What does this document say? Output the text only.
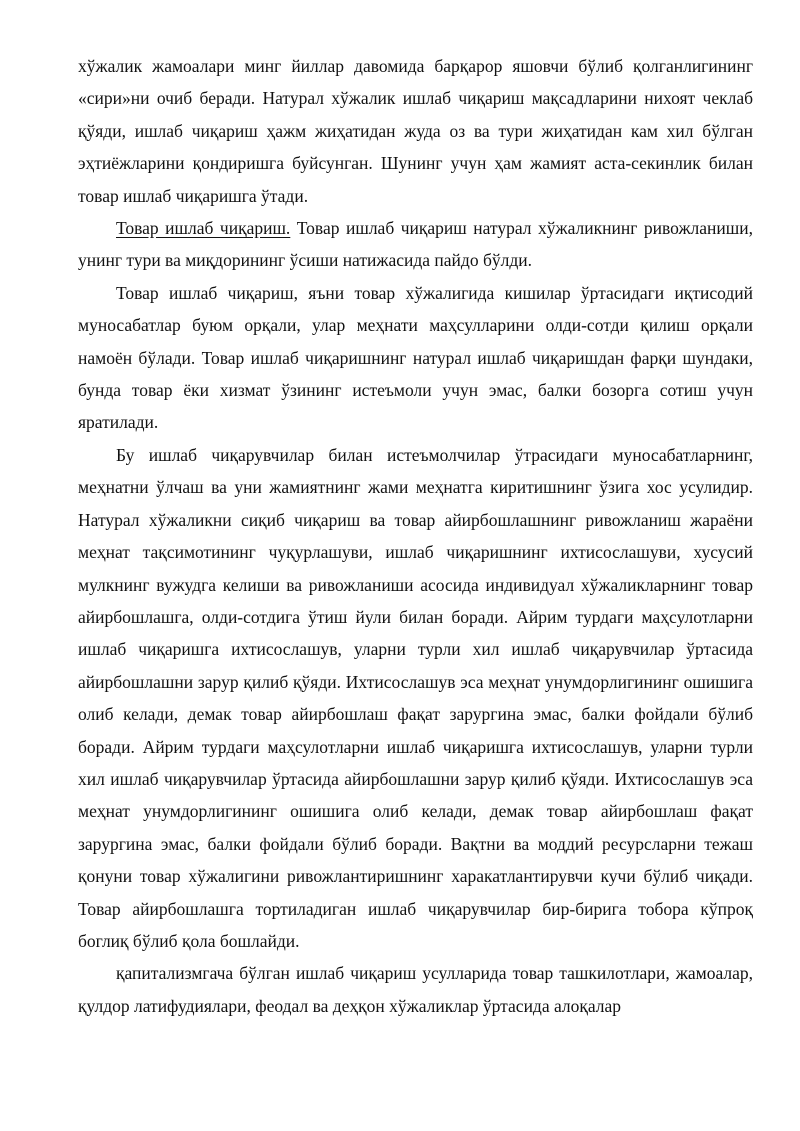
хўжалик жамоалари минг йиллар давомида барқарор яшовчи бўлиб қолганлигининг «сири»ни очиб беради. Натурал хўжалик ишлаб чиқариш мақсадларини нихоят чеклаб қўяди, ишлаб чиқариш ҳажм жиҳатидан жуда оз ва тури жиҳатидан кам хил бўлган эҳтиёжларини қондиришга буйсунган. Шунинг учун ҳам жамият аста-секинлик билан товар ишлаб чиқаришга ўтади.

Товар ишлаб чиқариш. Товар ишлаб чиқариш натурал хўжаликнинг ривожланиши, унинг тури ва миқдорининг ўсиши натижасида пайдо бўлди.

Товар ишлаб чиқариш, яъни товар хўжалигида кишилар ўртасидаги иқтисодий муносабатлар буюм орқали, улар меҳнати маҳсулларини олди-сотди қилиш орқали намоён бўлади. Товар ишлаб чиқаришнинг натурал ишлаб чиқаришдан фарқи шундаки, бунда товар ёки хизмат ўзининг истеъмоли учун эмас, балки бозорга сотиш учун яратилади.

Бу ишлаб чиқарувчилар билан истеъмолчилар ўтрасидаги муносабатларнинг, меҳнатни ўлчаш ва уни жамиятнинг жами меҳнатга киритишнинг ўзига хос усулидир. Натурал хўжаликни сиқиб чиқариш ва товар айирбошлашнинг ривожланиш жараёни меҳнат тақсимотининг чуқурлашуви, ишлаб чиқаришнинг ихтисослашуви, хусусий мулкнинг вужудга келиши ва ривожланиши асосида индивидуал хўжаликларнинг товар айирбошлашга, олди-сотдига ўтиш йули билан боради. Айрим турдаги маҳсулотларни ишлаб чиқаришга ихтисослашув, уларни турли хил ишлаб чиқарувчилар ўртасида айирбошлашни зарур қилиб қўяди. Ихтисослашув эса меҳнат унумдорлигининг ошишига олиб келади, демак товар айирбошлаш фақат зарургина эмас, балки фойдали бўлиб боради. Айрим турдаги маҳсулотларни ишлаб чиқаришга ихтисослашув, уларни турли хил ишлаб чиқарувчилар ўртасида айирбошлашни зарур қилиб қўяди. Ихтисослашув эса меҳнат унумдорлигининг ошишига олиб келади, демак товар айирбошлаш фақат зарургина эмас, балки фойдали бўлиб боради. Вақтни ва моддий ресурсларни тежаш қонуни товар хўжалигини ривожлантиришнинг харакатлантирувчи кучи бўлиб чиқади. Товар айирбошлашга тортиладиган ишлаб чиқарувчилар бир-бирига тобора кўпроқ боглиқ бўлиб қола бошлайди.

қапитализмгача бўлган ишлаб чиқариш усулларида товар ташкилотлари, жамоалар, қулдор латифудиялари, феодал ва деҳқон хўжаликлар ўртасида алоқалар
